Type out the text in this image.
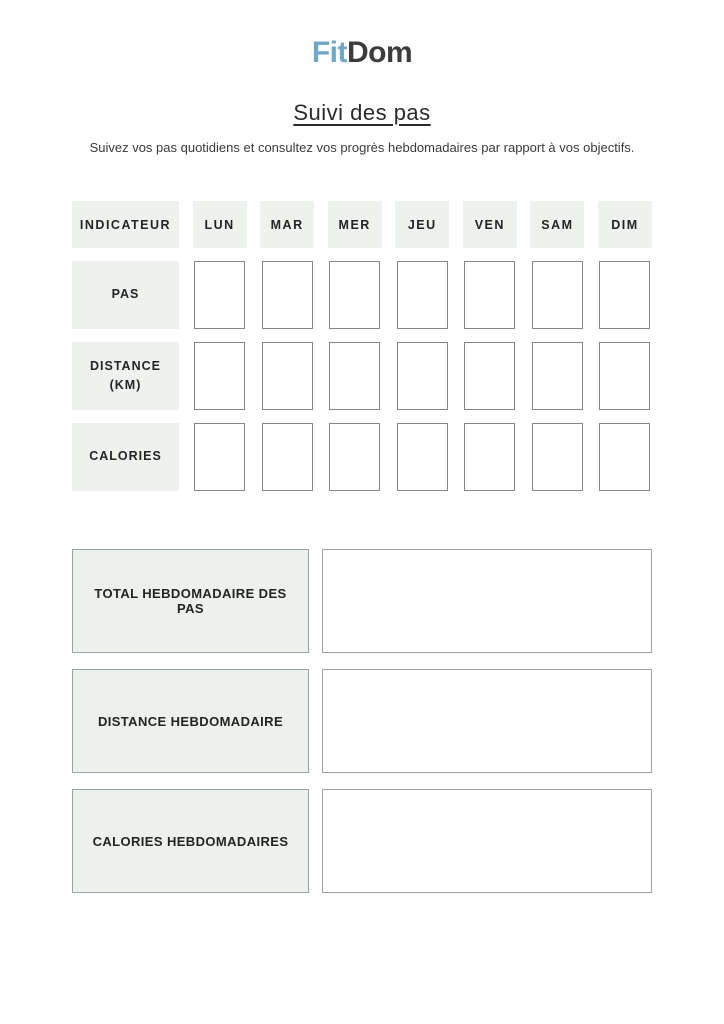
FitDom
Suivi des pas
Suivez vos pas quotidiens et consultez vos progrès hebdomadaires par rapport à vos objectifs.
INDICATEUR	LUN	MAR	MER	JEU	VEN	SAM	DIM
PAS
DISTANCE (KM)
CALORIES
TOTAL HEBDOMADAIRE DES PAS
DISTANCE HEBDOMADAIRE
CALORIES HEBDOMADAIRES
